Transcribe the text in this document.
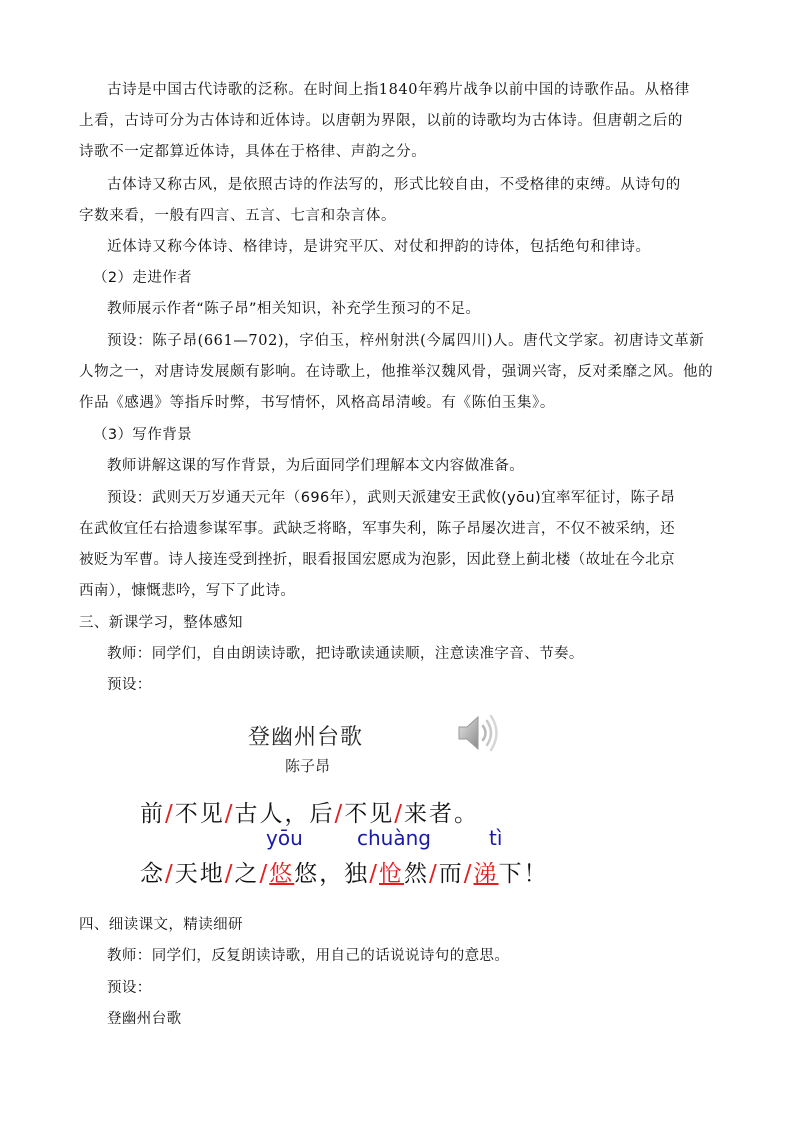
古诗是中国古代诗歌的泛称。在时间上指1840年鸦片战争以前中国的诗歌作品。从格律
上看，古诗可分为古体诗和近体诗。以唐朝为界限，以前的诗歌均为古体诗。但唐朝之后的
诗歌不一定都算近体诗，具体在于格律、声韵之分。
古体诗又称古风，是依照古诗的作法写的，形式比较自由，不受格律的束缚。从诗句的
字数来看，一般有四言、五言、七言和杂言体。
近体诗又称今体诗、格律诗，是讲究平仄、对仗和押韵的诗体，包括绝句和律诗。
（2）走进作者
教师展示作者“陈子昂”相关知识，补充学生预习的不足。
预设：陈子昂(661—702)，字伯玉，梓州射洪(今属四川)人。唐代文学家。初唐诗文革新
人物之一，对唐诗发展颇有影响。在诗歌上，他推举汉魏风骨，强调兴寄，反对柔靡之风。他的
作品《感遇》等指斥时弊，书写情怀，风格高昂清峻。有《陈伯玉集》。
（3）写作背景
教师讲解这课的写作背景，为后面同学们理解本文内容做准备。
预设：武则天万岁通天元年（696年），武则天派建安王武攸(yōu)宜率军征讨，陈子昂
在武攸宜任右拾遗参谋军事。武缺乏将略，军事失利，陈子昂屡次进言，不仅不被采纳，还
被贬为军曹。诗人接连受到挫折，眼看报国宏愿成为泡影，因此登上蓟北楼（故址在今北京
西南），慷慨悲吟，写下了此诗。
三、新课学习，整体感知
教师：同学们，自由朗读诗歌，把诗歌读通读顺，注意读准字音、节奏。
预设：
登幽州台歌
陈子昂
前/不见/古人，后/不见/来者。
yōu	chuàng	tì
念/天地/之/悠悠，独/怆然/而/涕下！
四、细读课文，精读细研
教师：同学们，反复朗读诗歌，用自己的话说说诗句的意思。
预设：
登幽州台歌
